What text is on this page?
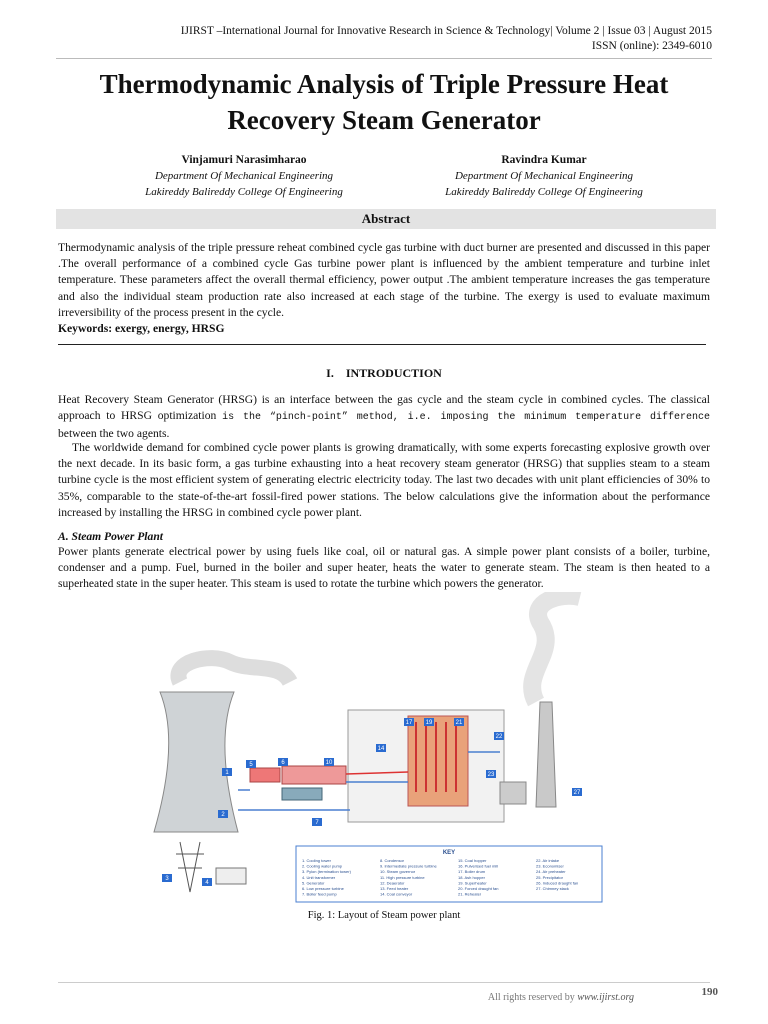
IJIRST –International Journal for Innovative Research in Science & Technology| Volume 2 | Issue 03 | August 2015
ISSN (online): 2349-6010
Thermodynamic Analysis of Triple Pressure Heat
Recovery Steam Generator
Vinjamuri Narasimharao
Department Of Mechanical Engineering
Lakireddy Balireddy College Of Engineering
Ravindra Kumar
Department Of Mechanical Engineering
Lakireddy Balireddy College Of Engineering
Abstract
Thermodynamic analysis of the triple pressure reheat combined cycle gas turbine with duct burner are presented and discussed in this paper .The overall performance of a combined cycle Gas turbine power plant is influenced by the ambient temperature and turbine inlet temperature. These parameters affect the overall thermal efficiency, power output .The ambient temperature increases the gas temperature and also the individual steam production rate also increased at each stage of the turbine. The exergy is used to evaluate maximum irreversibility of the process present in the cycle.
Keywords: exergy, energy, HRSG
I. INTRODUCTION
Heat Recovery Steam Generator (HRSG) is an interface between the gas cycle and the steam cycle in combined cycles. The classical approach to HRSG optimization is the “pinch-point” method, i.e. imposing the minimum temperature difference between the two agents.
The worldwide demand for combined cycle power plants is growing dramatically, with some experts forecasting explosive growth over the next decade. In its basic form, a gas turbine exhausting into a heat recovery steam generator (HRSG) that supplies steam to a steam turbine cycle is the most efficient system of generating electric electricity today. The last two decades with unit plant efficiencies of 30% to 35%, comparable to the state-of-the-art fossil-fired power stations. The below calculations give the information about the performance increased by installing the HRSG in combined cycle power plant.
A. Steam Power Plant
Power plants generate electrical power by using fuels like coal, oil or natural gas. A simple power plant consists of a boiler, turbine, condenser and a pump. Fuel, burned in the boiler and super heater, heats the water to generate steam. The steam is then heated to a superheated state in the super heater. This steam is used to rotate the turbine which powers the generator.
1
5	6	10
14
17 19	21
22
23
27
2
3
4
7
KEY
1. Cooling tower
2. Cooling water pump
3. Pylon (termination tower)
4. Unit transformer
5. Generator
6. Low pressure turbine
7. Boiler feed pump
8. Condensor
9. Intermediate pressure turbine
10. Steam governor
11. High pressure turbine
12. Deaerator
13. Feed heater
14. Coal conveyor
15. Coal hopper
16. Pulverised fuel mill
17. Boiler drum
18. Ash hopper
19. Superheater
20. Forced draught fan
21. Reheater
22. Air intake
23. Economiser
24. Air preheater
25. Precipitator
26. Induced draught fan
27. Chimney stack
Fig. 1: Layout of Steam power plant
All rights reserved by www.ijirst.org	190
